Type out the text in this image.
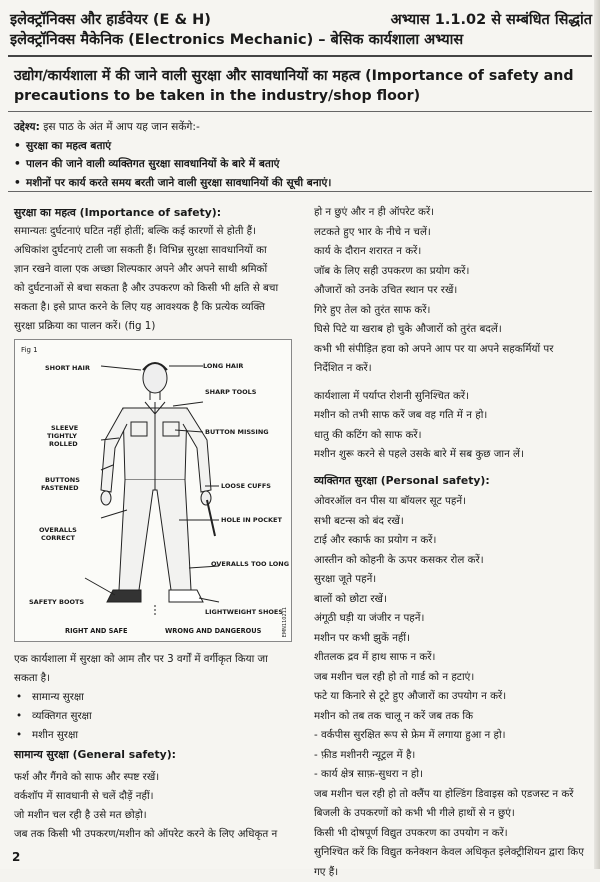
इलेक्ट्रॉनिक्स और हार्डवेयर (E & H)	अभ्यास 1.1.02 से सम्बंधित सिद्धांत
इलेक्ट्रॉनिक्स मैकेनिक (Electronics Mechanic) – बेसिक कार्यशाला अभ्यास
उद्योग/कार्यशाला में की जाने वाली सुरक्षा और सावधानियों का महत्व (Importance of safety and
precautions to be taken in the industry/shop floor)
उद्देश्य: इस पाठ के अंत में आप यह जान सकेंगे:-
• सुरक्षा का महत्व बताएं
• पालन की जाने वाली व्यक्तिगत सुरक्षा सावधानियों के बारे में बताएं
• मशीनों पर कार्य करते समय बरती जाने वाली सुरक्षा सावधानियों की सूची बनाएं।
सुरक्षा का महत्व (Importance of safety):
समान्यतः दुर्घटनाएं घटित नहीं होतीं; बल्कि कई कारणों से होती हैं।
अधिकांश दुर्घटनाएं टाली जा सकती हैं। विभिन्न सुरक्षा सावधानियों का
ज्ञान रखने वाला एक अच्छा शिल्पकार अपने और अपने साथी श्रमिकों
को दुर्घटनाओं से बचा सकता है और उपकरण को किसी भी क्षति से बचा
सकता है। इसे प्राप्त करने के लिए यह आवश्यक है कि प्रत्येक व्यक्ति
सुरक्षा प्रक्रिया का पालन करें। (fig 1)
Fig 1
SHORT HAIR
SLEEVE
TIGHTLY
ROLLED
BUTTONS
FASTENED
OVERALLS
CORRECT
SAFETY BOOTS
LONG HAIR
SHARP TOOLS
BUTTON MISSING
LOOSE CUFFS
HOLE IN POCKET
OVERALLS TOO LONG
LIGHTWEIGHT SHOES
RIGHT AND SAFE	WRONG AND DANGEROUS	EMN110211
एक कार्यशाला में सुरक्षा को आम तौर पर 3 वर्गों में वर्गीकृत किया जा
सकता है।
• सामान्य सुरक्षा
• व्यक्तिगत सुरक्षा
• मशीन सुरक्षा
सामान्य सुरक्षा (General safety):
फर्श और गैंगवे को साफ और स्पष्ट रखें।
वर्कशॉप में सावधानी से चलें दौड़ें नहीं।
जो मशीन चल रही है उसे मत छोड़ो।
जब तक किसी भी उपकरण/मशीन को ऑपरेट करने के लिए अधिकृत न
हो न छुएं और न ही ऑपरेट करें।
लटकते हुए भार के नीचे न चलें।
कार्य के दौरान शरारत न करें।
जॉब के लिए सही उपकरण का प्रयोग करें।
औजारों को उनके उचित स्थान पर रखें।
गिरे हुए तेल को तुरंत साफ करें।
घिसे पिटे या खराब हो चुके औजारों को तुरंत बदलें।
कभी भी संपीड़ित हवा को अपने आप पर या अपने सहकर्मियों पर
निर्देशित न करें।
कार्यशाला में पर्याप्त रोशनी सुनिश्चित करें।
मशीन को तभी साफ करें जब वह गति में न हो।
धातु की कटिंग को साफ करें।
मशीन शुरू करने से पहले उसके बारे में सब कुछ जान लें।
व्यक्तिगत सुरक्षा (Personal safety):
ओवरऑल वन पीस या बॉयलर सूट पहनें।
सभी बटन्स को बंद रखें।
टाई और स्कार्फ का प्रयोग न करें।
आस्तीन को कोहनी के ऊपर कसकर रोल करें।
सुरक्षा जूते पहनें।
बालों को छोटा रखें।
अंगूठी घड़ी या जंजीर न पहनें।
मशीन पर कभी झुकें नहीं।
शीतलक द्रव में हाथ साफ न करें।
जब मशीन चल रही हो तो गार्ड को न हटाएं।
फटे या किनारे से टूटे हुए औजारों का उपयोग न करें।
मशीन को तब तक चालू न करें जब तक कि
- वर्कपीस सुरक्षित रूप से फ्रेम में लगाया हुआ न हो।
- फ़ीड मशीनरी न्यूट्रल में है।
- कार्य क्षेत्र साफ़-सुधरा न हो।
जब मशीन चल रही हो तो क्लैंप या होल्डिंग डिवाइस को एडजस्ट न करें
बिजली के उपकरणों को कभी भी गीले हाथों से न छुएं।
किसी भी दोषपूर्ण विद्युत उपकरण का उपयोग न करें।
सुनिश्चित करें कि विद्युत कनेक्शन केवल अधिकृत इलेक्ट्रीशियन द्वारा किए
गए हैं।
2
